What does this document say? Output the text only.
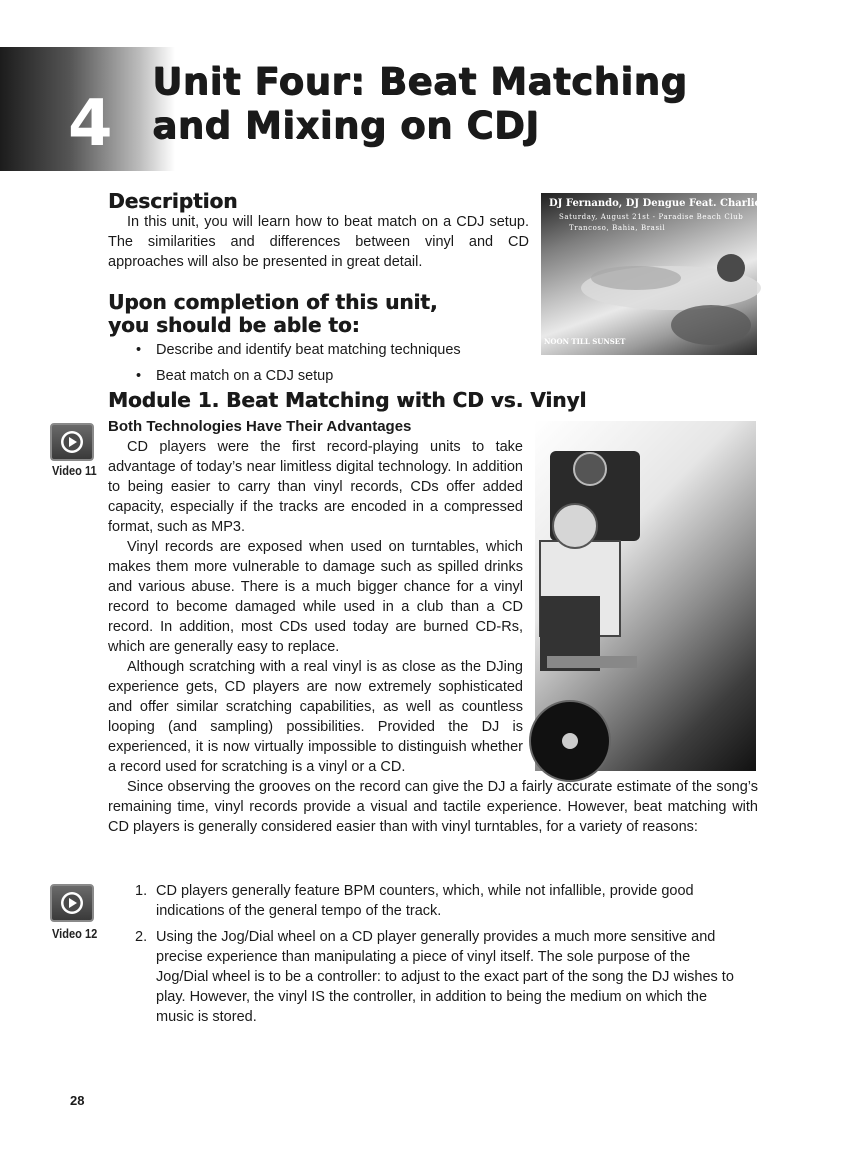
4
Unit Four: Beat Matching
and Mixing on CDJ
Description

In this unit, you will learn how to beat match on a CDJ setup. The similarities and differences between vinyl and CD approaches will also be presented in great detail.

DJ Fernando, DJ Dengue Feat. Charlie Sputnik
Saturday, August 21st - Paradise Beach Club
Trancoso, Bahia, Brasil
NOON TILL SUNSET
Upon completion of this unit,
you should be able to:
• Describe and identify beat matching techniques
• Beat match on a CDJ setup
Module 1. Beat Matching with CD vs. Vinyl
Both Technologies Have Their Advantages
Video 11

CD players were the first record-playing units to take advantage of today’s near limitless digital technology. In addition to being easier to carry than vinyl records, CDs offer added capacity, especially if the tracks are encoded in a compressed format, such as MP3.

Vinyl records are exposed when used on turntables, which makes them more vulnerable to damage such as spilled drinks and various abuse. There is a much bigger chance for a vinyl record to become damaged while used in a club than a CD record. In addition, most CDs used today are burned CD-Rs, which are generally easy to replace.

Although scratching with a real vinyl is as close as the DJing experience gets, CD players are now extremely sophisticated and offer similar scratching capabilities, as well as countless looping (and sampling) possibilities. Provided the DJ is experienced, it is now virtually impossible to distinguish whether a record used for scratching is a vinyl or a CD.

Since observing the grooves on the record can give the DJ a fairly accurate estimate of the song’s remaining time, vinyl records provide a visual and tactile experience. However, beat matching with CD players is generally considered easier than with vinyl turntables, for a variety of reasons:

Video 12
1. CD players generally feature BPM counters, which, while not infallible, provide good indications of the general tempo of the track.
2. Using the Jog/Dial wheel on a CD player generally provides a much more sensitive and precise experience than manipulating a piece of vinyl itself. The sole purpose of the Jog/Dial wheel is to be a controller: to adjust to the exact part of the song the DJ wishes to play. However, the vinyl IS the controller, in addition to being the medium on which the music is stored.
28
